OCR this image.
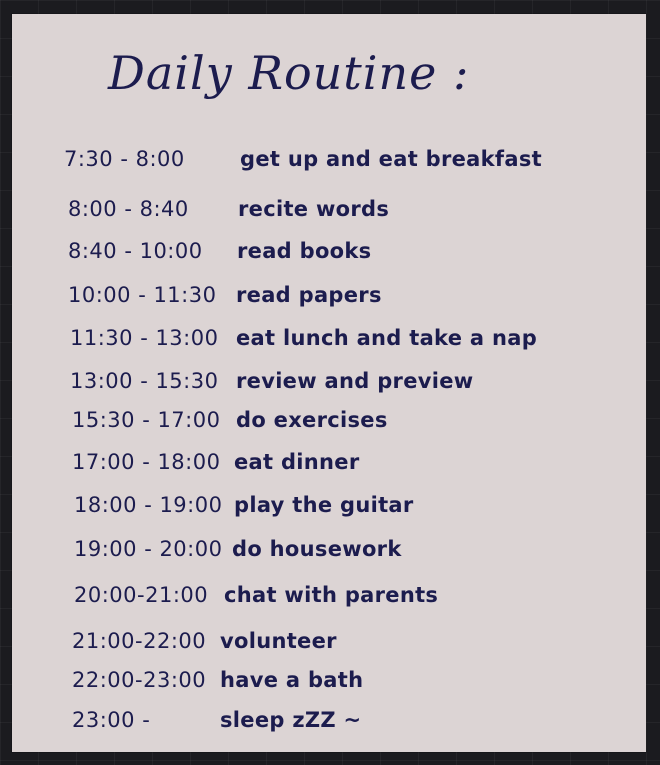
Daily Routine :
7:30 - 8:00	get up and eat breakfast
8:00 - 8:40 recite words
8:40 - 10:00 read books
10:00 - 11:30 read papers
11:30 - 13:00 eat lunch and take a nap
13:00 - 15:30 review and preview
15:30 - 17:00 do exercises
17:00 - 18:00 eat dinner
18:00 - 19:00 play the guitar
19:00 - 20:00 do housework
20:00-21:00 chat with parents
21:00-22:00 volunteer
22:00-23:00 have a bath
23:00 -	sleep zZZ ~
